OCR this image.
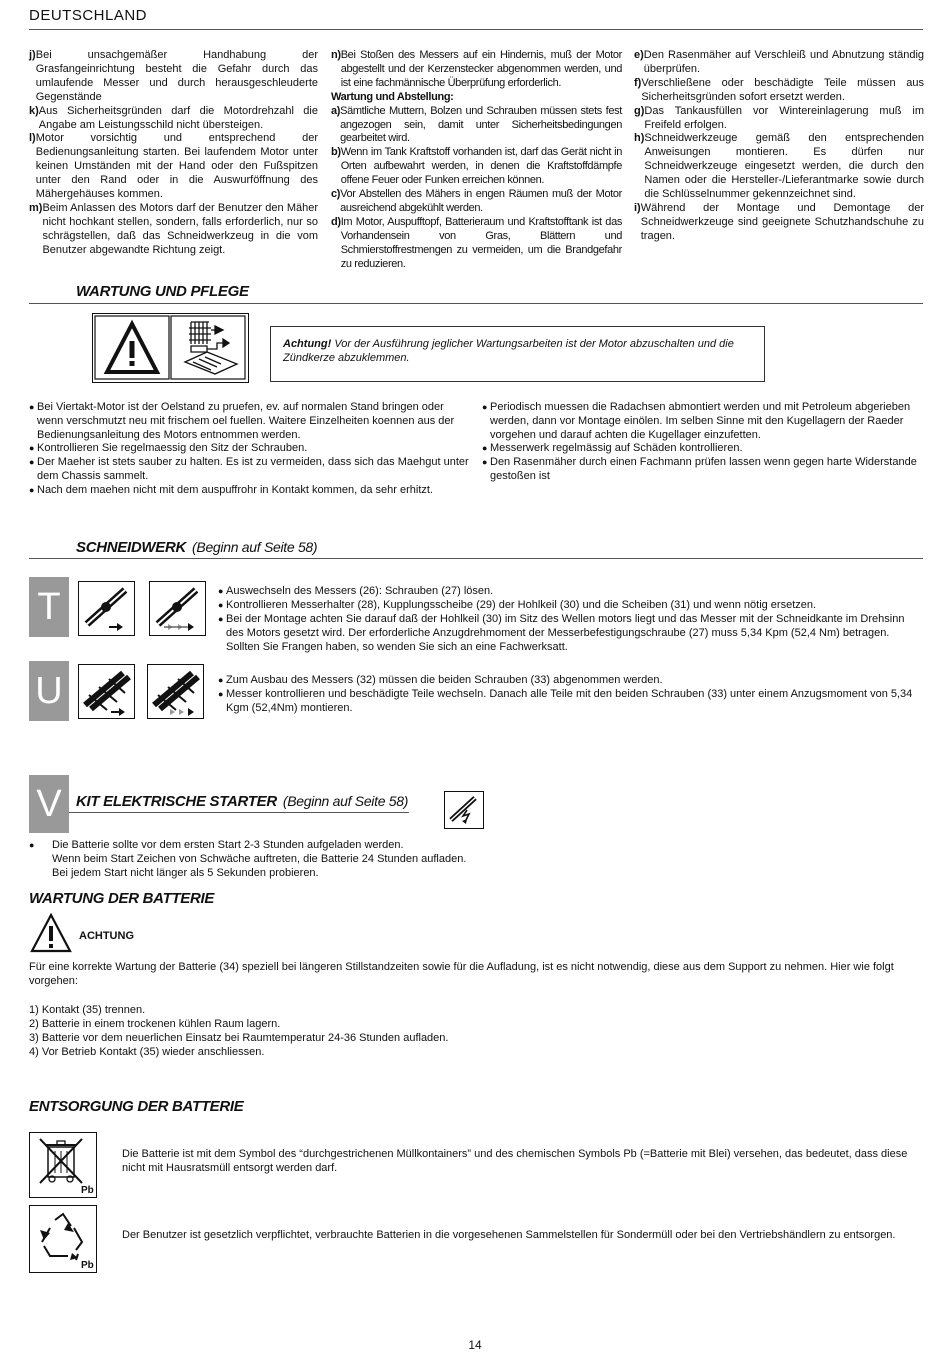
DEUTSCHLAND
j) Bei unsachgemäßer Handhabung der Grasfangeinrichtung besteht die Gefahr durch das umlaufende Messer und durch herausgeschleuderte Gegenstände
k) Aus Sicherheitsgründen darf die Motordrehzahl die Angabe am Leistungsschild nicht übersteigen.
l) Motor vorsichtig und entsprechend der Bedienungsanleitung starten. Bei laufendem Motor unter keinen Umständen mit der Hand oder den Fußspitzen unter den Rand oder in die Auswurföffnung des Mähergehäuses kommen.
m) Beim Anlassen des Motors darf der Benutzer den Mäher nicht hochkant stellen, sondern, falls erforderlich, nur so schrägstellen, daß das Schneidwerkzeug in die vom Benutzer abgewandte Richtung zeigt.
n) Bei Stoßen des Messers auf ein Hindernis, muß der Motor abgestellt und der Kerzenstecker abgenommen werden, und ist eine fachmännische Überprüfung erforderlich.
Wartung und Abstellung:
a) Sämtliche Muttern, Bolzen und Schrauben müssen stets fest angezogen sein, damit unter Sicherheitsbedingungen gearbeitet wird.
b) Wenn im Tank Kraftstoff vorhanden ist, darf das Gerät nicht in Orten aufbewahrt werden, in denen die Kraftstoffdämpfe offene Feuer oder Funken erreichen können.
c) Vor Abstellen des Mähers in engen Räumen muß der Motor ausreichend abgekühlt werden.
d) Im Motor, Auspufftopf, Batterieraum und Kraftstofftank ist das Vorhandensein von Gras, Blättern und Schmierstoffrestmengen zu vermeiden, um die Brandgefahr zu reduzieren.
e) Den Rasenmäher auf Verschleiß und Abnutzung ständig überprüfen.
f) Verschließene oder beschädigte Teile müssen aus Sicherheitsgründen sofort ersetzt werden.
g) Das Tankausfüllen vor Wintereinlagerung muß im Freifeld erfolgen.
h) Schneidwerkzeuge gemäß den entsprechenden Anweisungen montieren. Es dürfen nur Schneidwerkzeuge eingesetzt werden, die durch den Namen oder die Hersteller-/Lieferantmarke sowie durch die Schlüsselnummer gekennzeichnet sind.
i) Während der Montage und Demontage der Schneidwerkzeuge sind geeignete Schutzhandschuhe zu tragen.
WARTUNG UND PFLEGE
Achtung! Vor der Ausführung jeglicher Wartungsarbeiten ist der Motor abzuschalten und die Zündkerze abzuklemmen.
● Bei Viertakt-Motor ist der Oelstand zu pruefen, ev. auf normalen Stand bringen oder wenn verschmutzt neu mit frischem oel fuellen. Waitere Einzelheiten koennen aus der Bedienungsanleitung des Motors entnommen werden.
● Kontrollieren Sie regelmaessig den Sitz der Schrauben.
● Der Maeher ist stets sauber zu halten. Es ist zu vermeiden, dass sich das Maehgut unter dem Chassis sammelt.
● Nach dem maehen nicht mit dem auspuffrohr in Kontakt kommen, da sehr erhitzt.
● Periodisch muessen die Radachsen abmontiert werden und mit Petroleum abgerieben werden, dann vor Montage einölen. Im selben Sinne mit den Kugellagern der Raeder vorgehen und darauf achten die Kugellager einzufetten.
● Messerwerk regelmässig auf Schäden kontrollieren.
● Den Rasenmäher durch einen Fachmann prüfen lassen wenn gegen harte Widerstande gestoßen ist
SCHNEIDWERK (Beginn auf Seite 58)
T	● Auswechseln des Messers (26): Schrauben (27) lösen.
● Kontrollieren Messerhalter (28), Kupplungsscheibe (29) der Hohlkeil (30) und die Scheiben (31) und wenn nötig ersetzen.
● Bei der Montage achten Sie darauf daß der Hohlkeil (30) im Sitz des Wellen motors liegt und das Messer mit der Schneidkante im Drehsinn des Motors gesetzt wird. Der erforderliche Anzugdrehmoment der Messerbefestigungschraube (27) muss 5,34 Kpm (52,4 Nm) betragen. Sollten Sie Frangen haben, so wenden Sie sich an eine Fachwerksatt.
U	● Zum Ausbau des Messers (32) müssen die beiden Schrauben (33) abgenommen werden.
● Messer kontrollieren und beschädigte Teile wechseln. Danach alle Teile mit den beiden Schrauben (33) unter einem Anzugsmoment von 5,34 Kgm (52,4Nm) montieren.
V KIT ELEKTRISCHE STARTER (Beginn auf Seite 58)
● Die Batterie sollte vor dem ersten Start 2-3 Stunden aufgeladen werden.
Wenn beim Start Zeichen von Schwäche auftreten, die Batterie 24 Stunden aufladen.
Bei jedem Start nicht länger als 5 Sekunden probieren.
WARTUNG DER BATTERIE
ACHTUNG
Für eine korrekte Wartung der Batterie (34) speziell bei längeren Stillstandzeiten sowie für die Aufladung, ist es nicht notwendig, diese aus dem Support zu nehmen. Hier wie folgt vorgehen:
1) Kontakt (35) trennen.
2) Batterie in einem trockenen kühlen Raum lagern.
3) Batterie vor dem neuerlichen Einsatz bei Raumtemperatur 24-36 Stunden aufladen.
4) Vor Betrieb Kontakt (35) wieder anschliessen.
ENTSORGUNG DER BATTERIE
Pb
Die Batterie ist mit dem Symbol des “durchgestrichenen Müllkontainers” und des chemischen Symbols Pb (=Batterie mit Blei) versehen, das bedeutet, dass diese nicht mit Hausratsmüll entsorgt werden darf.
Pb
Der Benutzer ist gesetzlich verpflichtet, verbrauchte Batterien in die vorgesehenen Sammelstellen für Sondermüll oder bei den Vertriebshändlern zu entsorgen.
14
